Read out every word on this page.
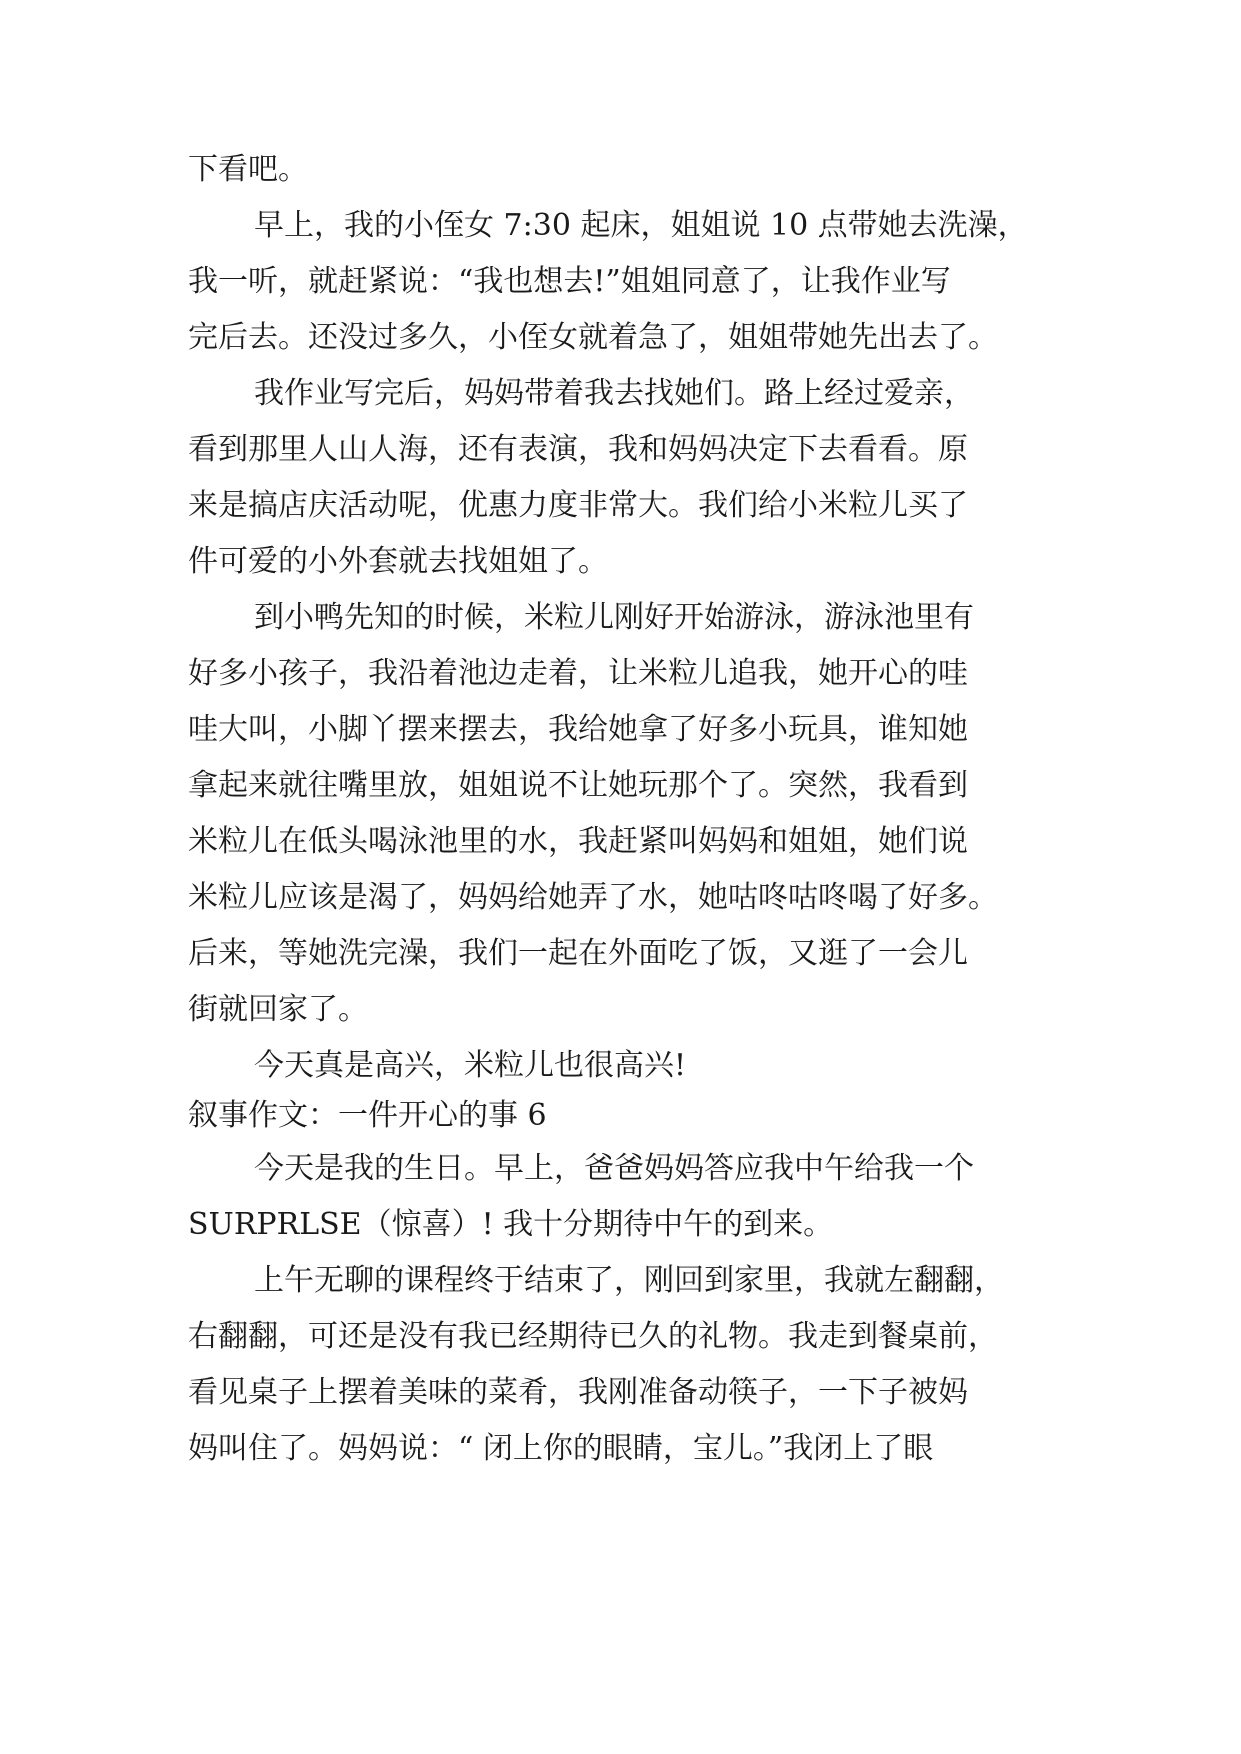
下看吧。
早上，我的小侄女 7:30 起床，姐姐说 10 点带她去洗澡，
我一听，就赶紧说：“我也想去!”姐姐同意了，让我作业写
完后去。还没过多久，小侄女就着急了，姐姐带她先出去了。
我作业写完后，妈妈带着我去找她们。路上经过爱亲，
看到那里人山人海，还有表演，我和妈妈决定下去看看。原
来是搞店庆活动呢，优惠力度非常大。我们给小米粒儿买了
件可爱的小外套就去找姐姐了。
到小鸭先知的时候，米粒儿刚好开始游泳，游泳池里有
好多小孩子，我沿着池边走着，让米粒儿追我，她开心的哇
哇大叫，小脚丫摆来摆去，我给她拿了好多小玩具，谁知她
拿起来就往嘴里放，姐姐说不让她玩那个了。突然，我看到
米粒儿在低头喝泳池里的水，我赶紧叫妈妈和姐姐，她们说
米粒儿应该是渴了，妈妈给她弄了水，她咕咚咕咚喝了好多。
后来，等她洗完澡，我们一起在外面吃了饭，又逛了一会儿
街就回家了。
今天真是高兴，米粒儿也很高兴!
叙事作文：一件开心的事 6
今天是我的生日。早上，爸爸妈妈答应我中午给我一个
SURPRLSE（惊喜）! 我十分期待中午的到来。
上午无聊的课程终于结束了，刚回到家里，我就左翻翻，
右翻翻，可还是没有我已经期待已久的礼物。我走到餐桌前，
看见桌子上摆着美味的菜肴，我刚准备动筷子，一下子被妈
妈叫住了。妈妈说：“ 闭上你的眼睛，宝儿。”我闭上了眼
